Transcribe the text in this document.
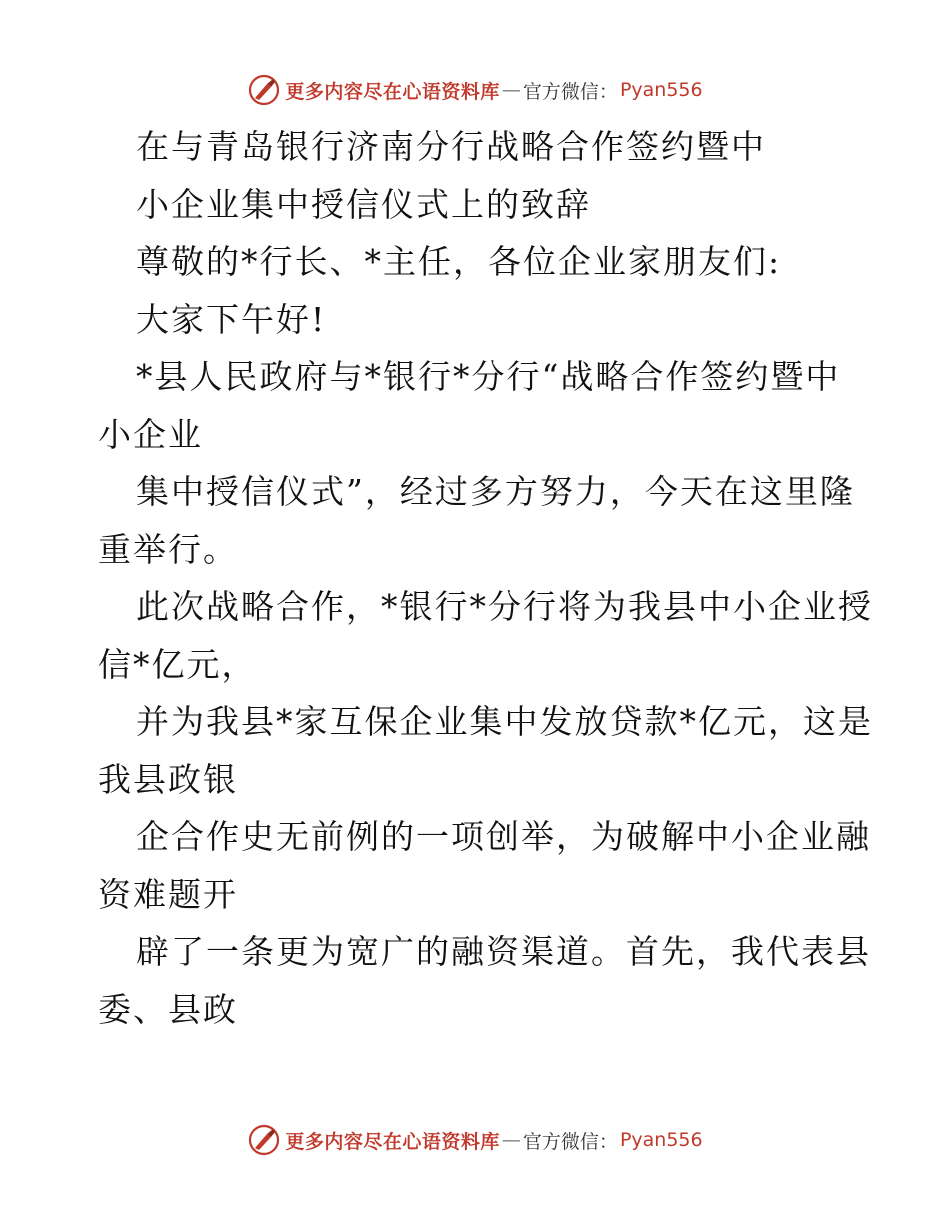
更多内容尽在心语资料库 — 官方微信： Pyan556
在与青岛银行济南分行战略合作签约暨中
小企业集中授信仪式上的致辞
尊敬的*行长、*主任，各位企业家朋友们:
大家下午好!
*县人民政府与*银行*分行“战略合作签约暨中
小企业
集中授信仪式”，经过多方努力，今天在这里隆
重举行。
此次战略合作，*银行*分行将为我县中小企业授
信*亿元，
并为我县*家互保企业集中发放贷款*亿元，这是
我县政银
企合作史无前例的一项创举，为破解中小企业融
资难题开
辟了一条更为宽广的融资渠道。首先，我代表县
委、县政
更多内容尽在心语资料库 — 官方微信： Pyan556
